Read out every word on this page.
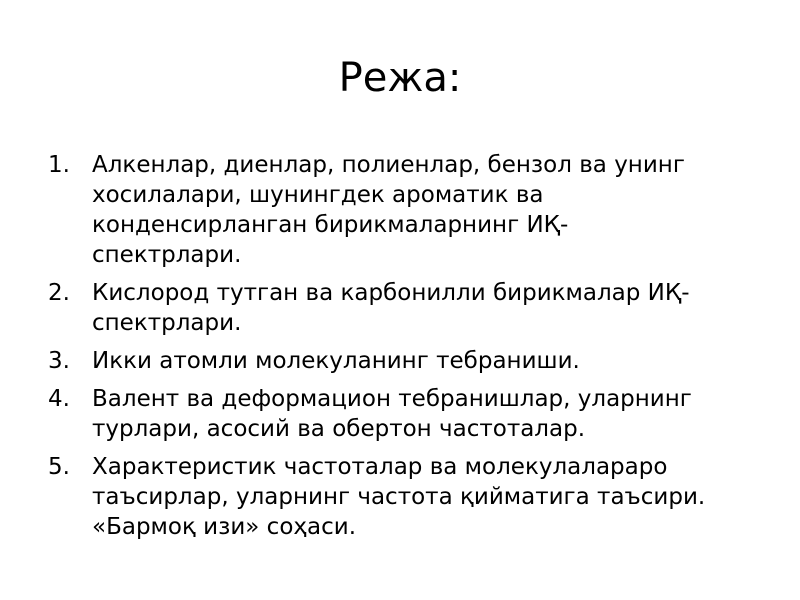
Режа:
1. Алкенлар, диенлар, полиенлар, бензол ва унинг
хосилалари, шунингдек ароматик ва
конденсирланган бирикмаларнинг ИҚ-
спектрлари.
2. Кислород тутган ва карбонилли бирикмалар ИҚ-
спектрлари.
3. Икки атомли молекуланинг тебраниши.
4. Валент ва деформацион тебранишлар, уларнинг
турлари, асосий ва обертон частоталар.
5. Характеристик частоталар ва молекулалараро
таъсирлар, уларнинг частота қийматига таъсири.
«Бармоқ изи» соҳаси.
